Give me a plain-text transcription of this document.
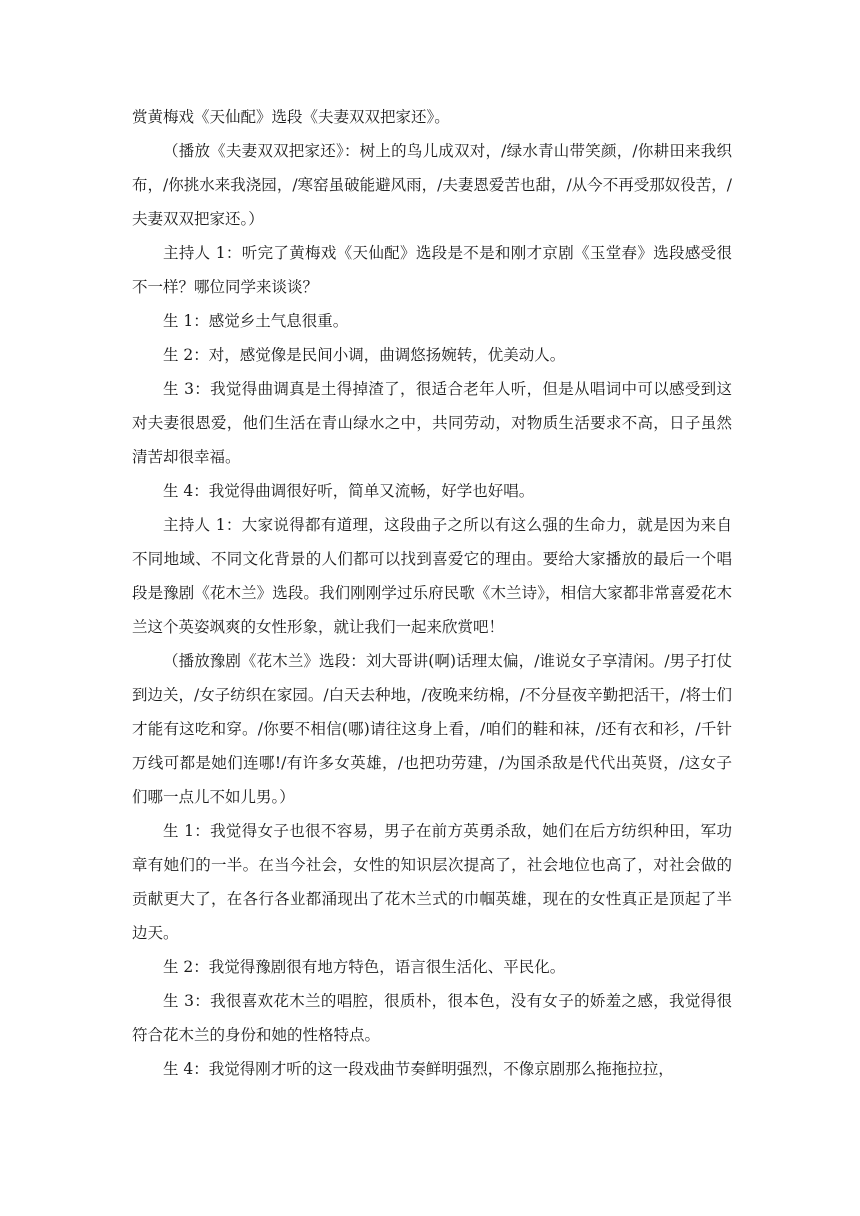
赏黄梅戏《天仙配》选段《夫妻双双把家还》。

（播放《夫妻双双把家还》：树上的鸟儿成双对，/绿水青山带笑颜，/你耕田来我织布，/你挑水来我浇园，/寒窑虽破能避风雨，/夫妻恩爱苦也甜，/从今不再受那奴役苦，/夫妻双双把家还。）

主持人 1：听完了黄梅戏《天仙配》选段是不是和刚才京剧《玉堂春》选段感受很不一样？哪位同学来谈谈？

生 1：感觉乡土气息很重。

生 2：对，感觉像是民间小调，曲调悠扬婉转，优美动人。

生 3：我觉得曲调真是土得掉渣了，很适合老年人听，但是从唱词中可以感受到这对夫妻很恩爱，他们生活在青山绿水之中，共同劳动，对物质生活要求不高，日子虽然清苦却很幸福。

生 4：我觉得曲调很好听，简单又流畅，好学也好唱。

主持人 1：大家说得都有道理，这段曲子之所以有这么强的生命力，就是因为来自不同地域、不同文化背景的人们都可以找到喜爱它的理由。要给大家播放的最后一个唱段是豫剧《花木兰》选段。我们刚刚学过乐府民歌《木兰诗》，相信大家都非常喜爱花木兰这个英姿飒爽的女性形象，就让我们一起来欣赏吧！

（播放豫剧《花木兰》选段：刘大哥讲(啊)话理太偏，/谁说女子享清闲。/男子打仗到边关，/女子纺织在家园。/白天去种地，/夜晚来纺棉，/不分昼夜辛勤把活干，/将士们才能有这吃和穿。/你要不相信(哪)请往这身上看，/咱们的鞋和袜，/还有衣和衫，/千针万线可都是她们连哪!/有许多女英雄，/也把功劳建，/为国杀敌是代代出英贤，/这女子们哪一点儿不如儿男。）

生 1：我觉得女子也很不容易，男子在前方英勇杀敌，她们在后方纺织种田，军功章有她们的一半。在当今社会，女性的知识层次提高了，社会地位也高了，对社会做的贡献更大了，在各行各业都涌现出了花木兰式的巾帼英雄，现在的女性真正是顶起了半边天。

生 2：我觉得豫剧很有地方特色，语言很生活化、平民化。

生 3：我很喜欢花木兰的唱腔，很质朴，很本色，没有女子的娇羞之感，我觉得很符合花木兰的身份和她的性格特点。

生 4：我觉得刚才听的这一段戏曲节奏鲜明强烈，不像京剧那么拖拖拉拉，
